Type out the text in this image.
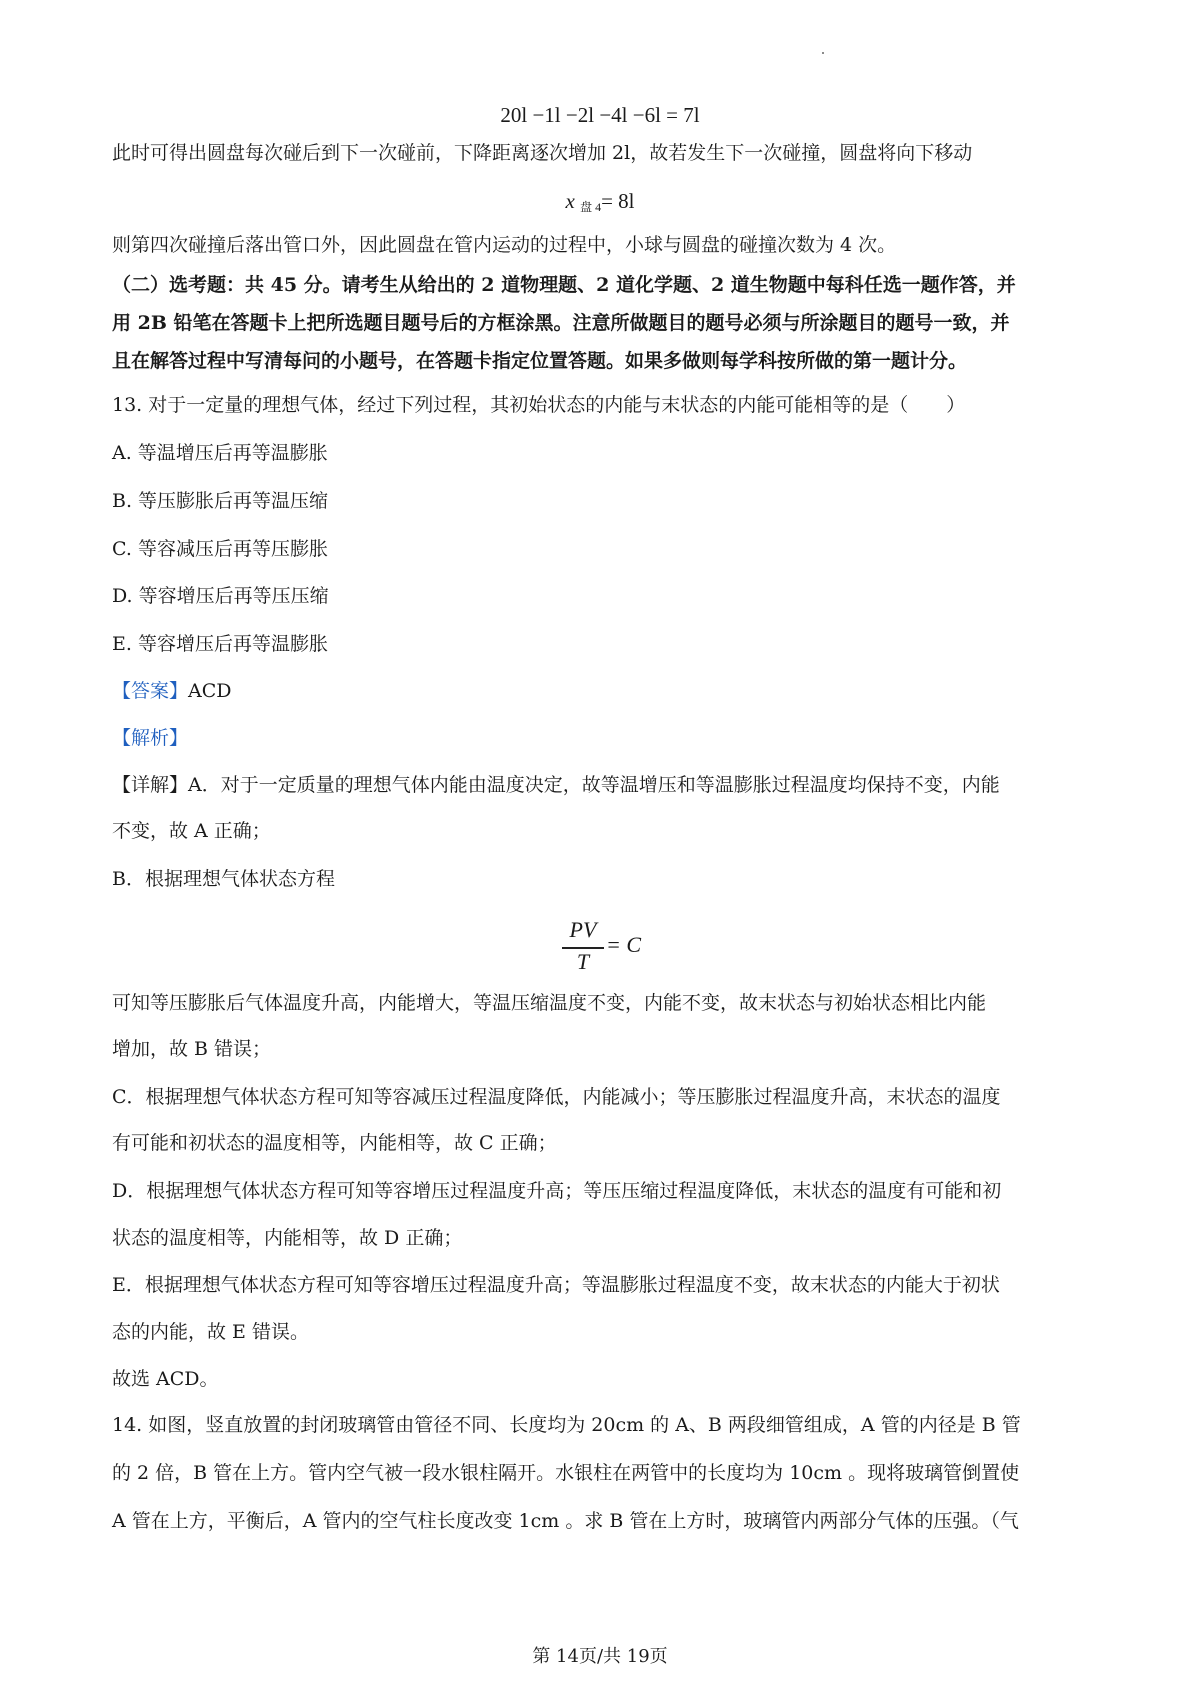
20l −1l −2l −4l −6l = 7l
此时可得出圆盘每次碰后到下一次碰前，下降距离逐次增加 2l，故若发生下一次碰撞，圆盘将向下移动
x $_{盘 4}$= 8l
则第四次碰撞后落出管口外，因此圆盘在管内运动的过程中，小球与圆盘的碰撞次数为 4 次。
（二）选考题：共 45 分。请考生从给出的 2 道物理题、2 道化学题、2 道生物题中每科任选一题作答，并
用 2B 铅笔在答题卡上把所选题目题号后的方框涂黑。注意所做题目的题号必须与所涂题目的题号一致，并
且在解答过程中写清每问的小题号，在答题卡指定位置答题。如果多做则每学科按所做的第一题计分。
13. 对于一定量的理想气体，经过下列过程，其初始状态的内能与末状态的内能可能相等的是（　　）
A. 等温增压后再等温膨胀
B. 等压膨胀后再等温压缩
C. 等容减压后再等压膨胀
D. 等容增压后再等压压缩
E. 等容增压后再等温膨胀
【答案】ACD
【解析】
【详解】A．对于一定质量的理想气体内能由温度决定，故等温增压和等温膨胀过程温度均保持不变，内能
不变，故 A 正确；
B．根据理想气体状态方程
PV
T
= C
可知等压膨胀后气体温度升高，内能增大，等温压缩温度不变，内能不变，故末状态与初始状态相比内能
增加，故 B 错误；
C．根据理想气体状态方程可知等容减压过程温度降低，内能减小；等压膨胀过程温度升高，末状态的温度
有可能和初状态的温度相等，内能相等，故 C 正确；
D．根据理想气体状态方程可知等容增压过程温度升高；等压压缩过程温度降低，末状态的温度有可能和初
状态的温度相等，内能相等，故 D 正确；
E．根据理想气体状态方程可知等容增压过程温度升高；等温膨胀过程温度不变，故末状态的内能大于初状
态的内能，故 E 错误。
故选 ACD。
14. 如图，竖直放置的封闭玻璃管由管径不同、长度均为 20cm 的 A、B 两段细管组成，A 管的内径是 B 管
的 2 倍，B 管在上方。管内空气被一段水银柱隔开。水银柱在两管中的长度均为 10cm 。现将玻璃管倒置使
A 管在上方，平衡后，A 管内的空气柱长度改变 1cm 。求 B 管在上方时，玻璃管内两部分气体的压强。（气
第 14页/共 19页
